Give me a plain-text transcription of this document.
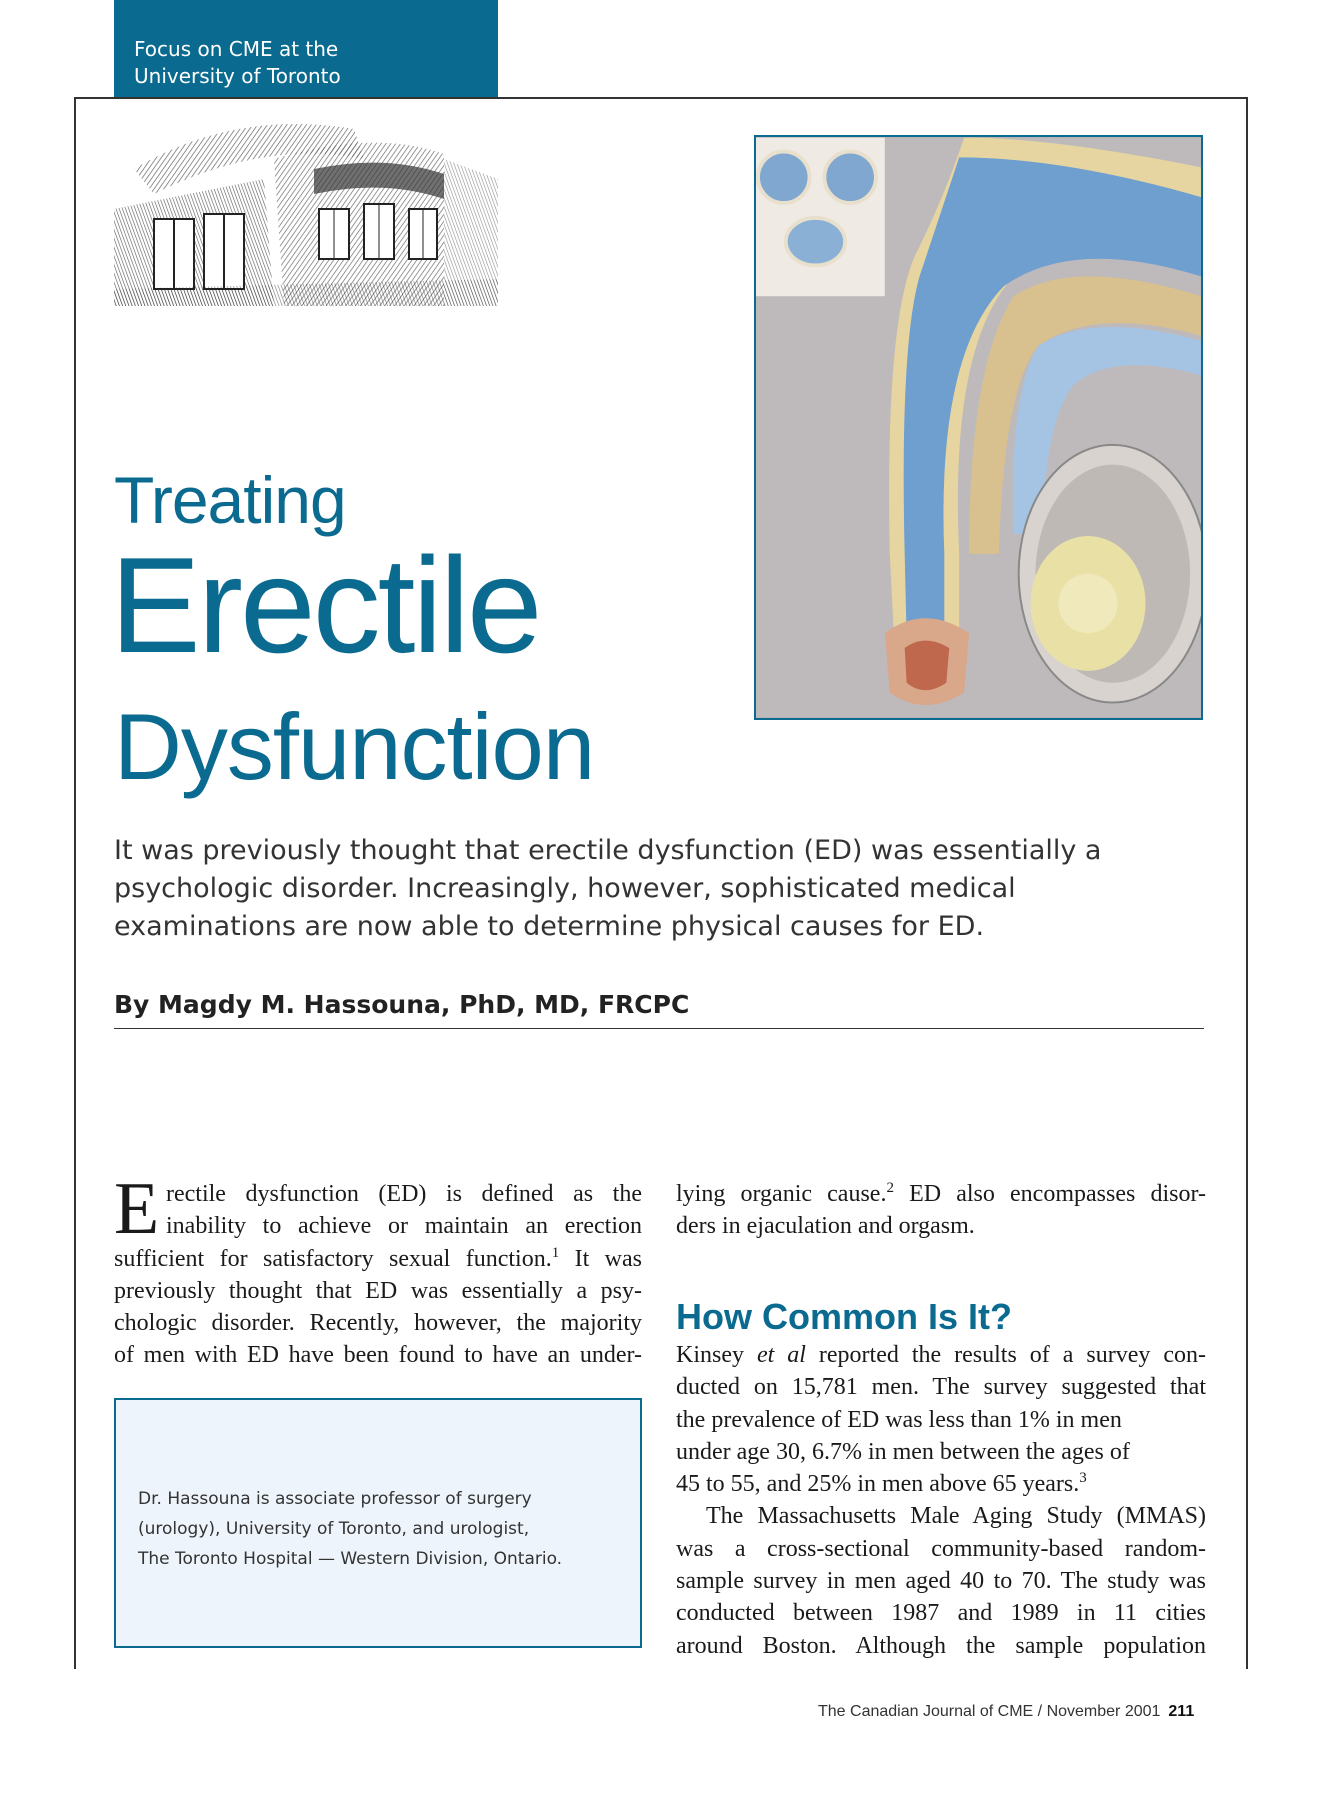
Focus on CME at the
University of Toronto
Treating
Erectile
Dysfunction
It was previously thought that erectile dysfunction (ED) was essentially a
psychologic disorder. Increasingly, however, sophisticated medical
examinations are now able to determine physical causes for ED.
By Magdy M. Hassouna, PhD, MD, FRCPC
E rectile dysfunction (ED) is defined as the
inability to achieve or maintain an erection
sufficient for satisfactory sexual function.$^1$ It was
previously thought that ED was essentially a psy-
chologic disorder. Recently, however, the majority
of men with ED have been found to have an under-
Dr. Hassouna is associate professor of surgery
(urology), University of Toronto, and urologist,
The Toronto Hospital — Western Division, Ontario.
lying organic cause.$^2$ ED also encompasses disor-
ders in ejaculation and orgasm.
How Common Is It?
Kinsey et al reported the results of a survey con-
ducted on 15,781 men. The survey suggested that
the prevalence of ED was less than 1% in men
under age 30, 6.7% in men between the ages of
45 to 55, and 25% in men above 65 years.$^3$
The Massachusetts Male Aging Study (MMAS)
was a cross-sectional community-based random-
sample survey in men aged 40 to 70. The study was
conducted between 1987 and 1989 in 11 cities
around Boston. Although the sample population
The Canadian Journal of CME / November 2001 211
